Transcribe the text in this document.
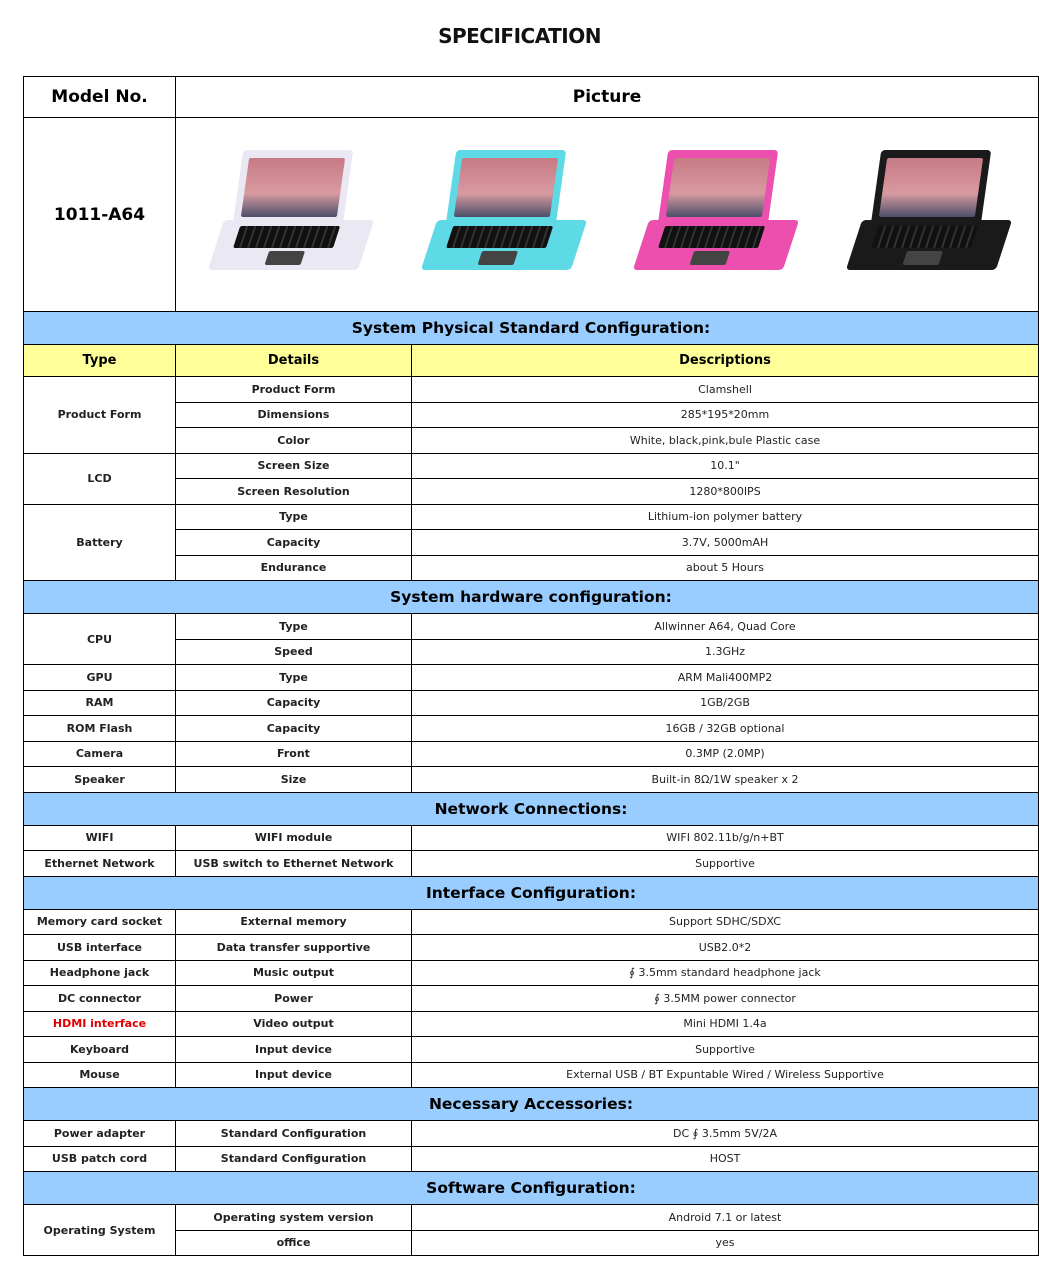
SPECIFICATION
Model No.	Picture	
1011-A64		

System Physical Standard Configuration:		
Type	Details	Descriptions
Product Form	Product Form	Clamshell
	Dimensions	285*195*20mm
	Color	White, black,pink,bule Plastic case
LCD	Screen Size	10.1"
	Screen Resolution	1280*800IPS
Battery	Type	Lithium-ion polymer battery
	Capacity	3.7V, 5000mAH
	Endurance	about 5 Hours
System hardware configuration:		
CPU	Type	Allwinner A64, Quad Core
	Speed	1.3GHz
GPU	Type	ARM Mali400MP2
RAM	Capacity	1GB/2GB
ROM Flash	Capacity	16GB / 32GB optional
Camera	Front	0.3MP (2.0MP)
Speaker	Size	Built-in 8Ω/1W speaker x 2
Network Connections:		
WIFI	WIFI module	WIFI 802.11b/g/n+BT
Ethernet Network	USB switch to Ethernet Network	Supportive
Interface Configuration:		
Memory card socket	External memory	Support SDHC/SDXC
USB interface	Data transfer supportive	USB2.0*2
Headphone jack	Music output	∮ 3.5mm standard headphone jack
DC connector	Power	∮ 3.5MM power connector
HDMI interface	Video output	Mini HDMI 1.4a
Keyboard	Input device	Supportive
Mouse	Input device	External USB / BT Expuntable Wired / Wireless Supportive
Necessary Accessories:		
Power adapter	Standard Configuration	DC ∮ 3.5mm 5V/2A
USB patch cord	Standard Configuration	HOST
Software Configuration:		
Operating System	Operating system version	Android 7.1 or latest
	office	yes
